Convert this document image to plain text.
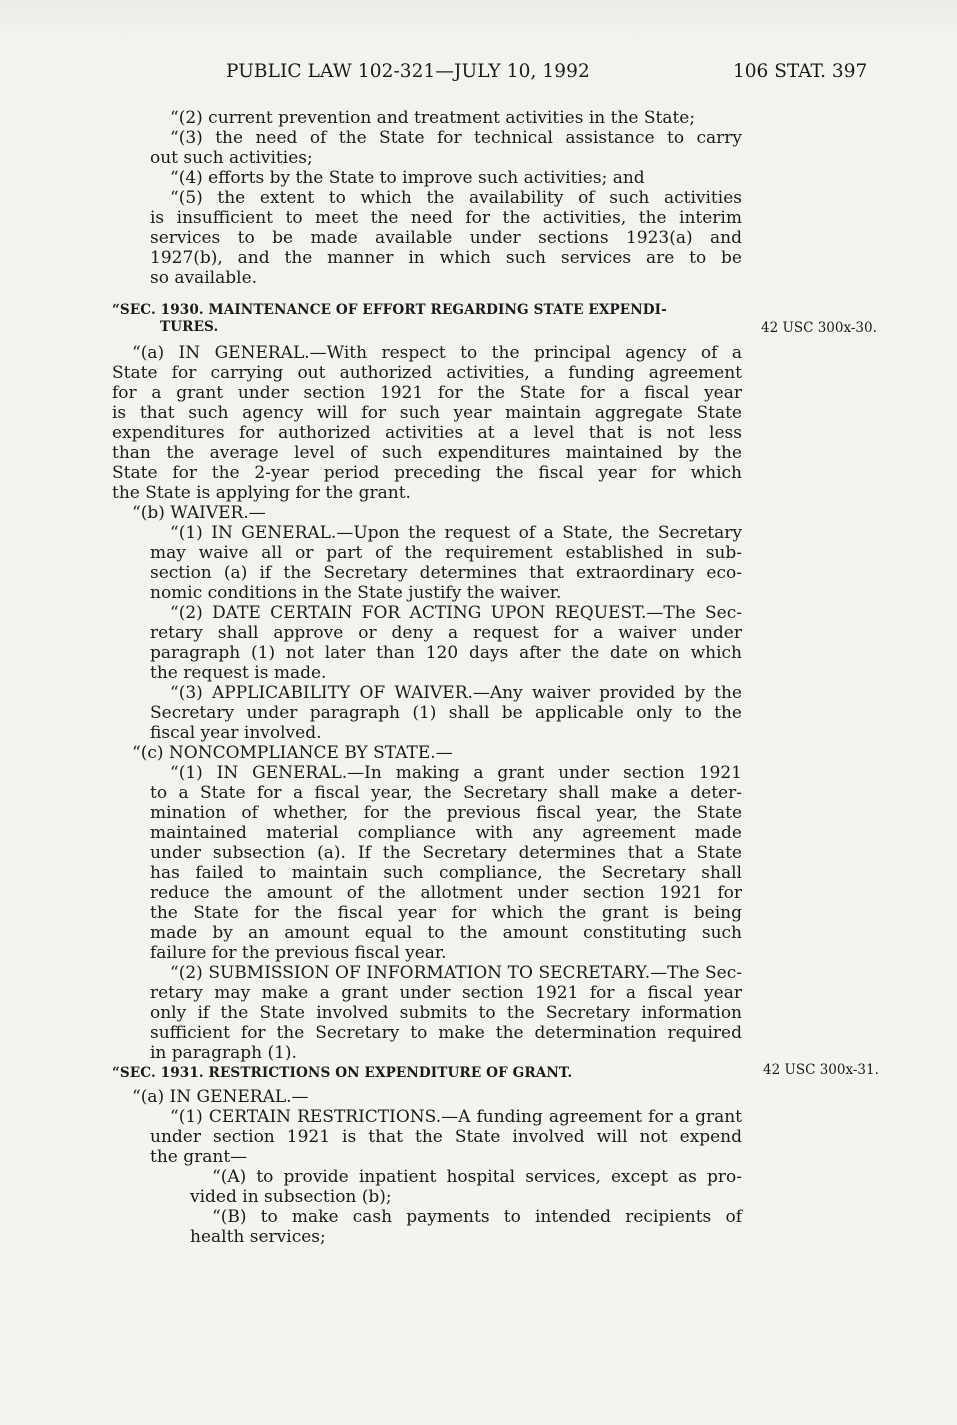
PUBLIC LAW 102-321—JULY 10, 1992	106 STAT. 397
42 USC 300x-30.
42 USC 300x-31.
“(2) current prevention and treatment activities in the State;
“(3) the need of the State for technical assistance to carry
out such activities;
“(4) efforts by the State to improve such activities; and
“(5) the extent to which the availability of such activities
is insufficient to meet the need for the activities, the interim
services to be made available under sections 1923(a) and
1927(b), and the manner in which such services are to be
so available.
“SEC. 1930. MAINTENANCE OF EFFORT REGARDING STATE EXPENDI-
TURES.
“(a) IN GENERAL.—With respect to the principal agency of a
State for carrying out authorized activities, a funding agreement
for a grant under section 1921 for the State for a fiscal year
is that such agency will for such year maintain aggregate State
expenditures for authorized activities at a level that is not less
than the average level of such expenditures maintained by the
State for the 2-year period preceding the fiscal year for which
the State is applying for the grant.
“(b) WAIVER.—
“(1) IN GENERAL.—Upon the request of a State, the Secretary
may waive all or part of the requirement established in sub-
section (a) if the Secretary determines that extraordinary eco-
nomic conditions in the State justify the waiver.
“(2) DATE CERTAIN FOR ACTING UPON REQUEST.—The Sec-
retary shall approve or deny a request for a waiver under
paragraph (1) not later than 120 days after the date on which
the request is made.
“(3) APPLICABILITY OF WAIVER.—Any waiver provided by the
Secretary under paragraph (1) shall be applicable only to the
fiscal year involved.
“(c) NONCOMPLIANCE BY STATE.—
“(1) IN GENERAL.—In making a grant under section 1921
to a State for a fiscal year, the Secretary shall make a deter-
mination of whether, for the previous fiscal year, the State
maintained material compliance with any agreement made
under subsection (a). If the Secretary determines that a State
has failed to maintain such compliance, the Secretary shall
reduce the amount of the allotment under section 1921 for
the State for the fiscal year for which the grant is being
made by an amount equal to the amount constituting such
failure for the previous fiscal year.
“(2) SUBMISSION OF INFORMATION TO SECRETARY.—The Sec-
retary may make a grant under section 1921 for a fiscal year
only if the State involved submits to the Secretary information
sufficient for the Secretary to make the determination required
in paragraph (1).
“SEC. 1931. RESTRICTIONS ON EXPENDITURE OF GRANT.
“(a) IN GENERAL.—
“(1) CERTAIN RESTRICTIONS.—A funding agreement for a grant
under section 1921 is that the State involved will not expend
the grant—
“(A) to provide inpatient hospital services, except as pro-
vided in subsection (b);
“(B) to make cash payments to intended recipients of
health services;
